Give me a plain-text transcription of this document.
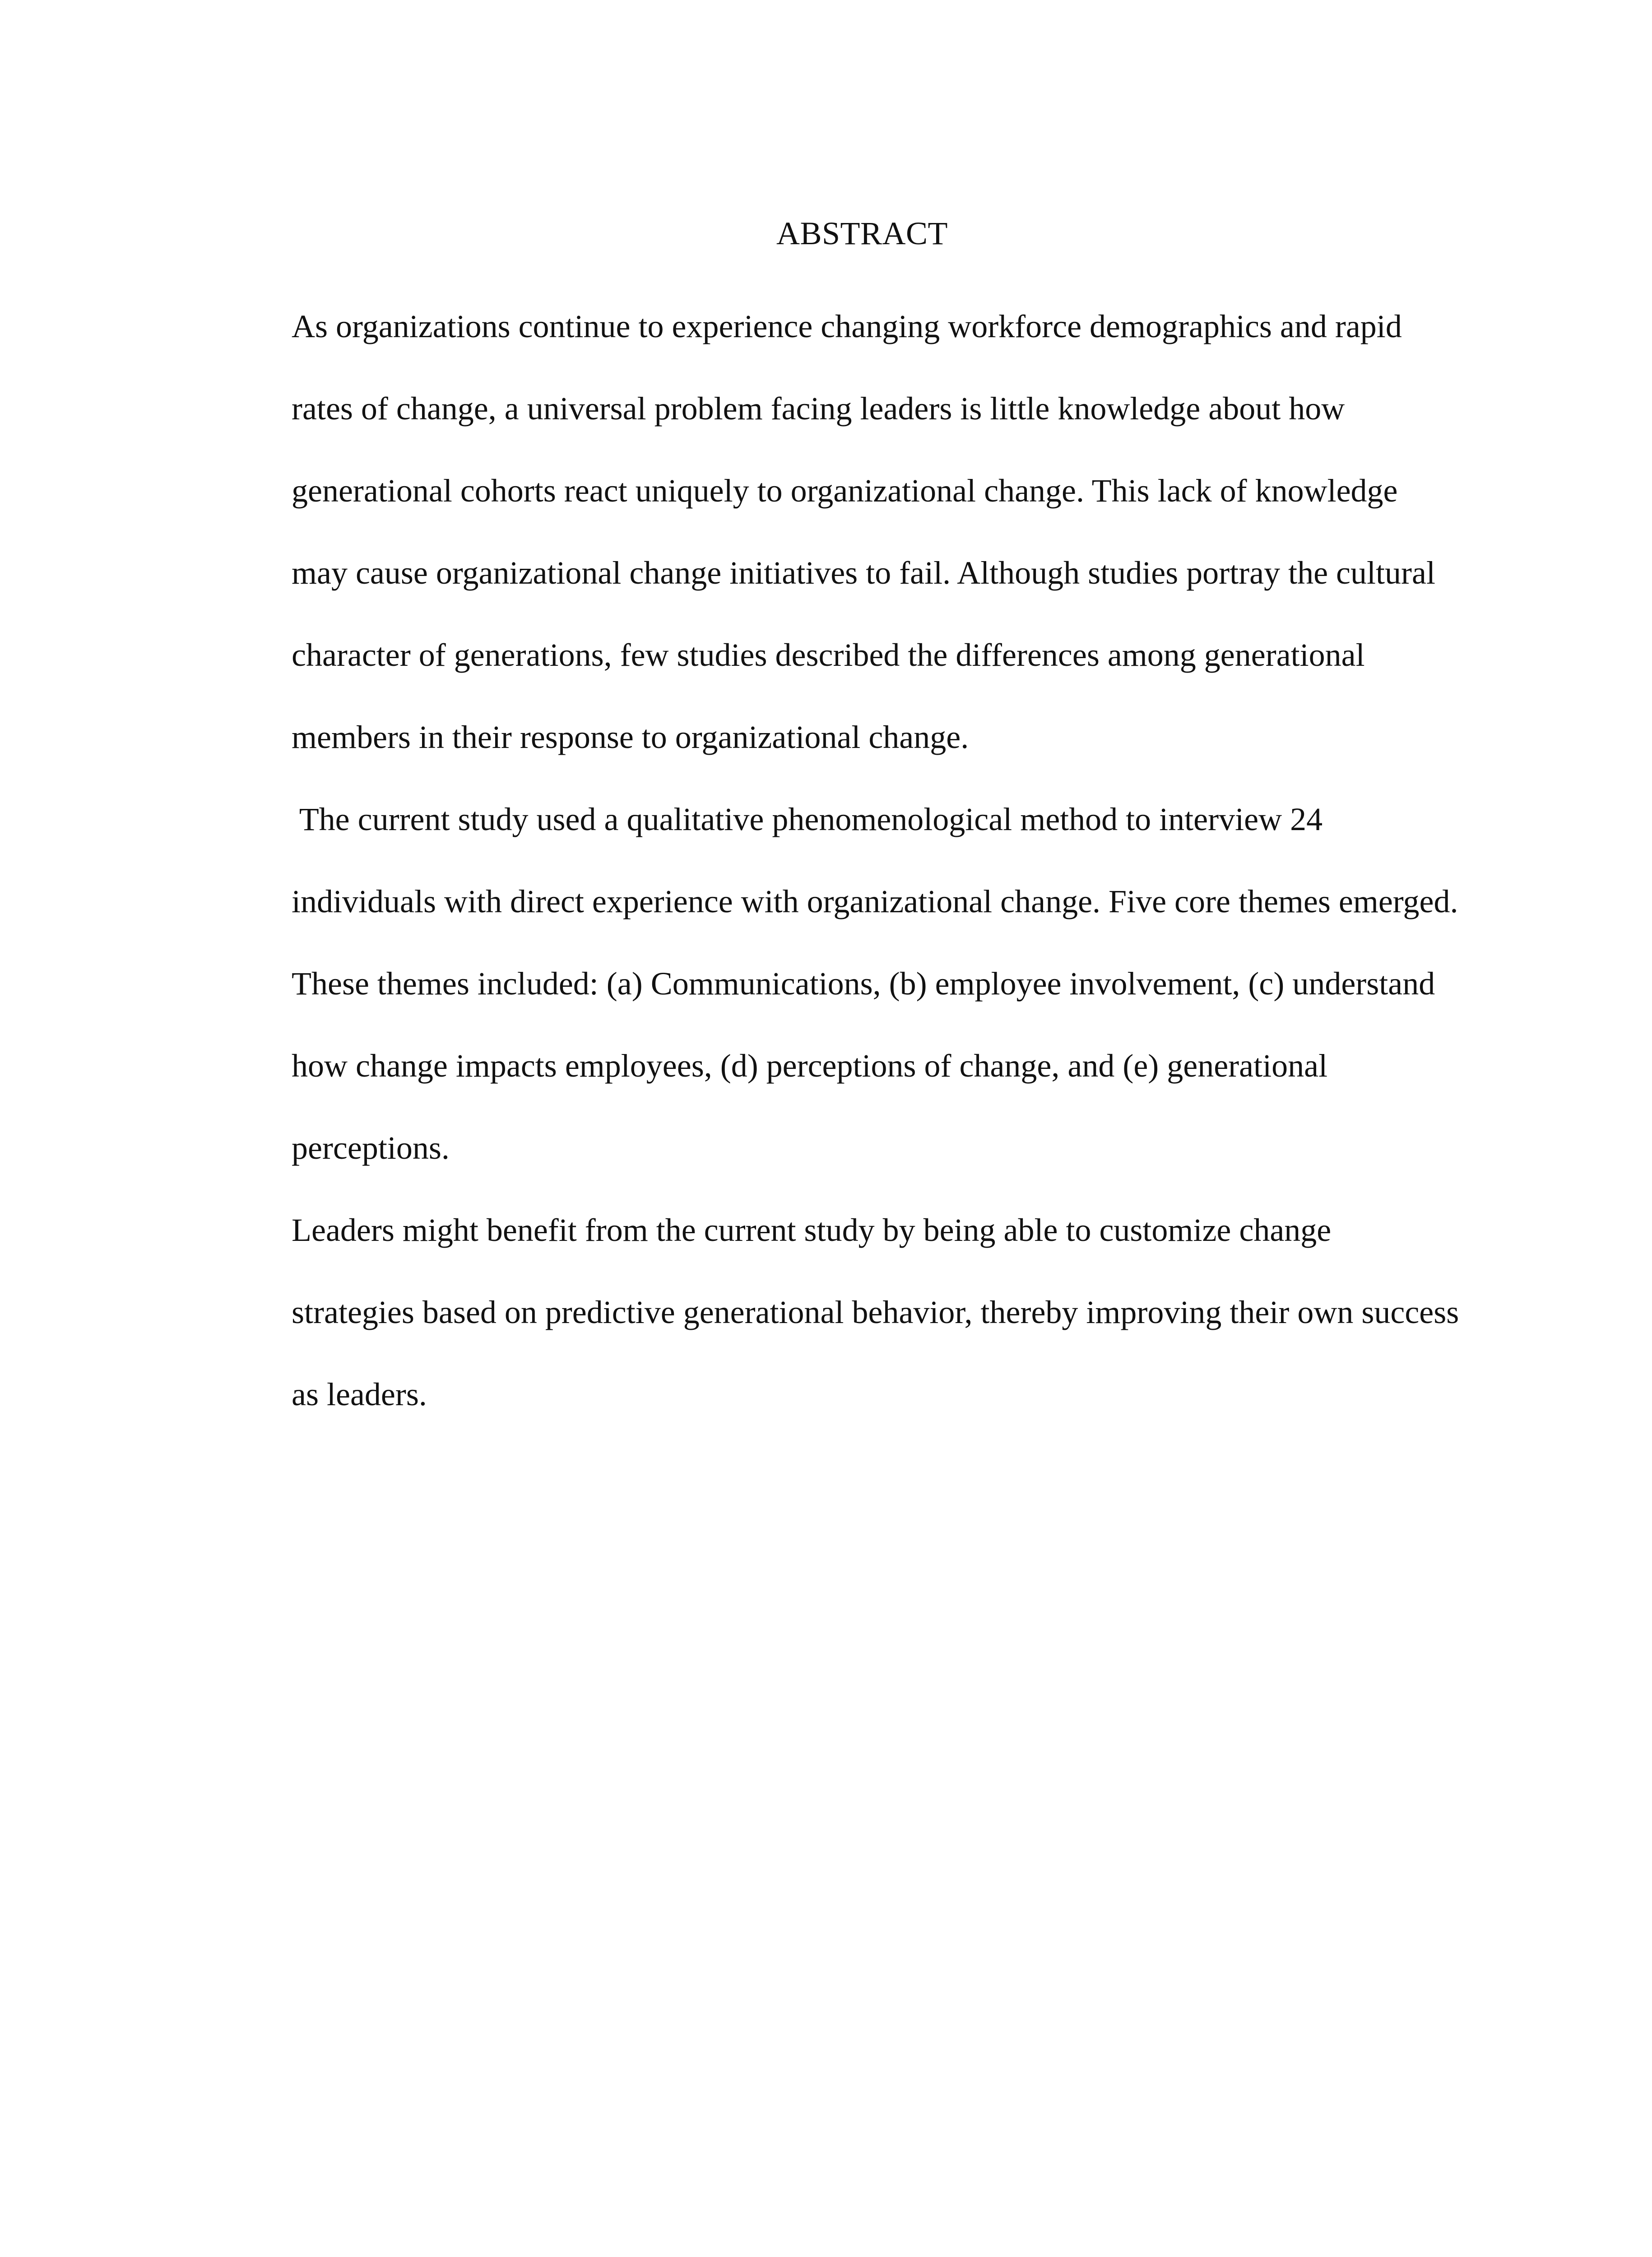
ABSTRACT
As organizations continue to experience changing workforce demographics and rapid
rates of change, a universal problem facing leaders is little knowledge about how
generational cohorts react uniquely to organizational change. This lack of knowledge
may cause organizational change initiatives to fail. Although studies portray the cultural
character of generations, few studies described the differences among generational
members in their response to organizational change.
The current study used a qualitative phenomenological method to interview 24
individuals with direct experience with organizational change. Five core themes emerged.
These themes included: (a) Communications, (b) employee involvement, (c) understand
how change impacts employees, (d) perceptions of change, and (e) generational
perceptions.
Leaders might benefit from the current study by being able to customize change
strategies based on predictive generational behavior, thereby improving their own success
as leaders.
